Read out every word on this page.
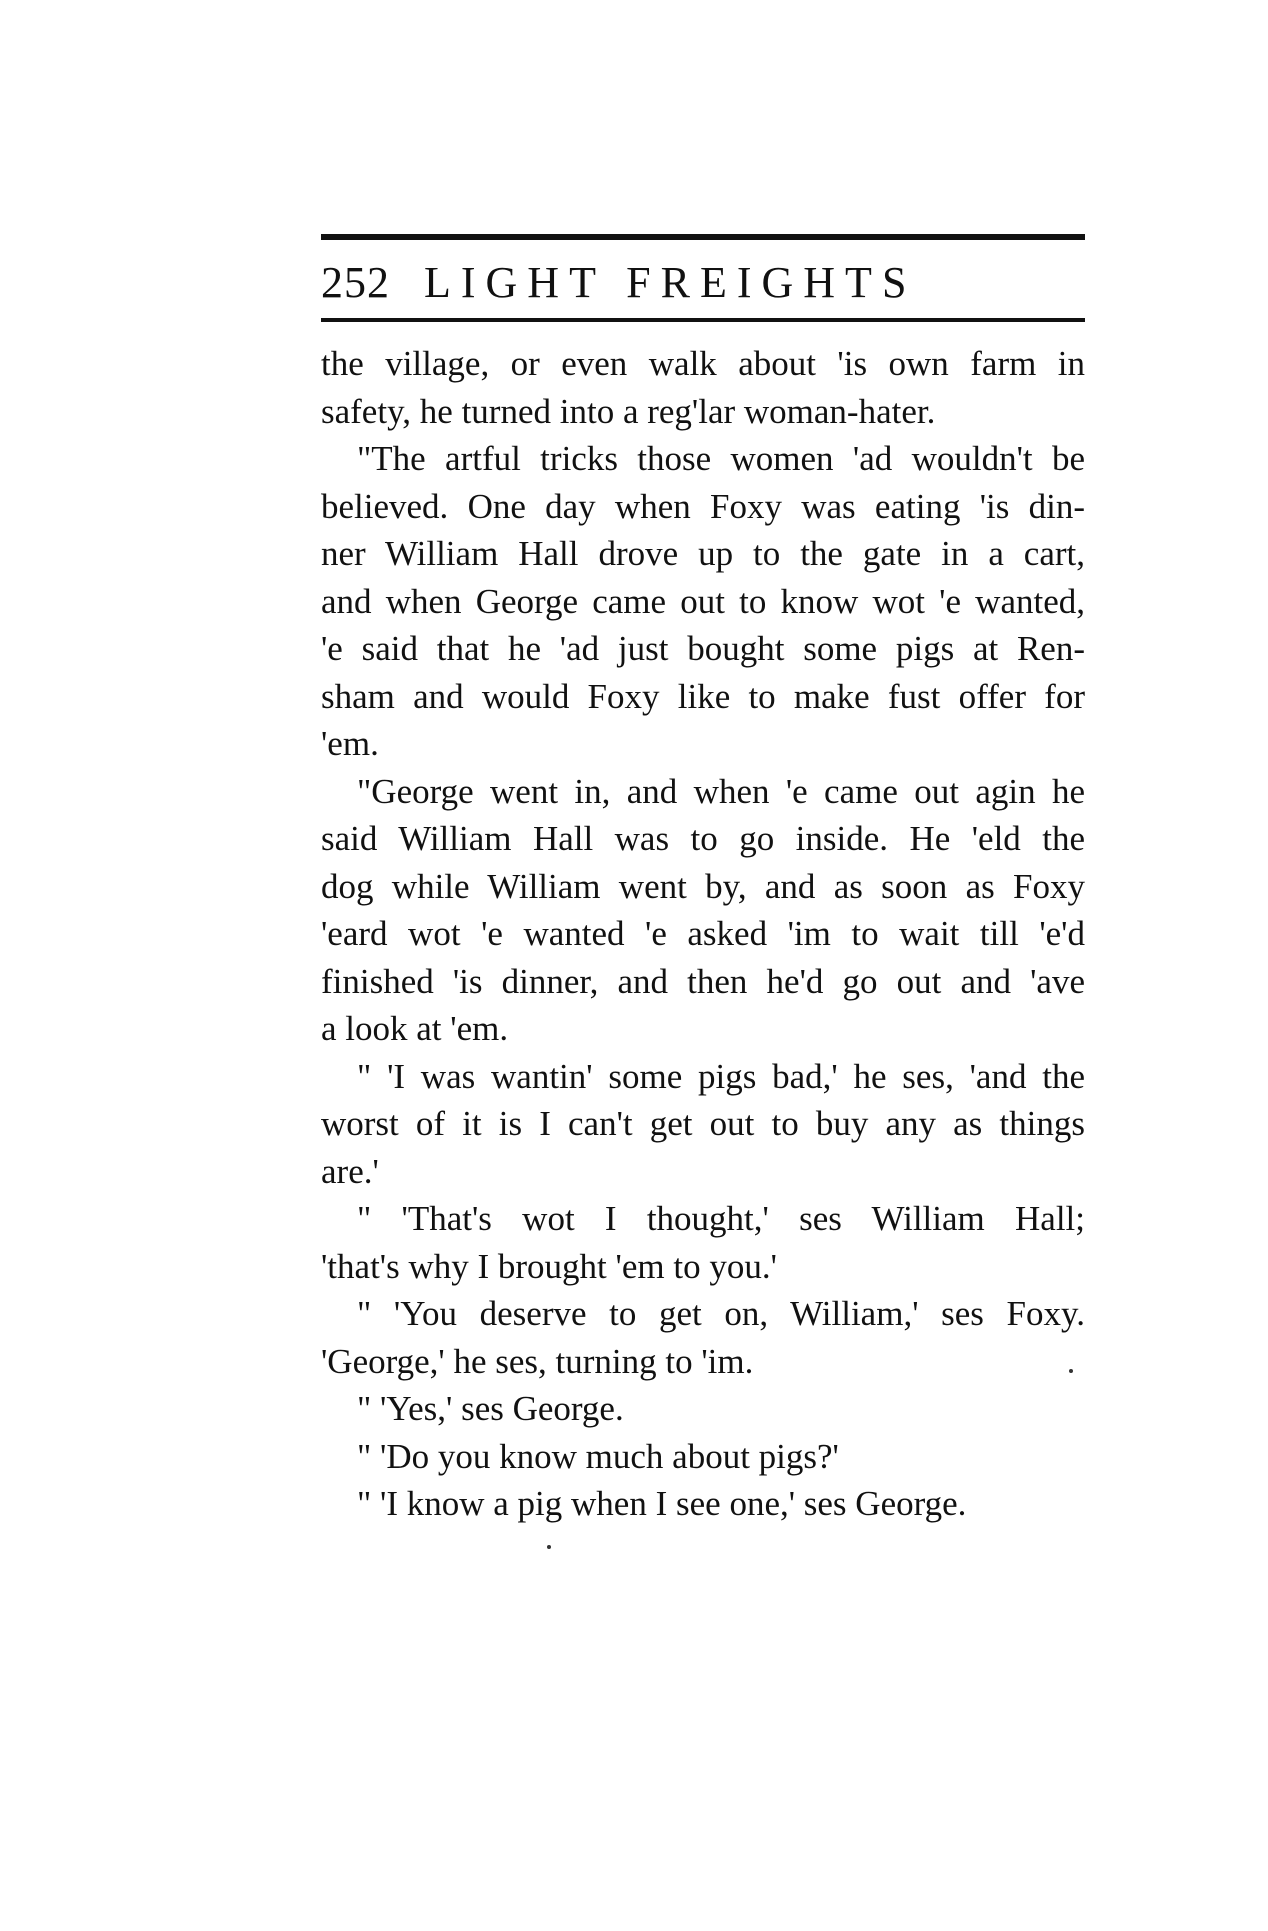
252 LIGHT FREIGHTS
the village, or even walk about 'is own farm in
safety, he turned into a reg'lar woman-hater.
"The artful tricks those women 'ad wouldn't be
believed. One day when Foxy was eating 'is din-
ner William Hall drove up to the gate in a cart,
and when George came out to know wot 'e wanted,
'e said that he 'ad just bought some pigs at Ren-
sham and would Foxy like to make fust offer for
'em.
"George went in, and when 'e came out agin he
said William Hall was to go inside. He 'eld the
dog while William went by, and as soon as Foxy
'eard wot 'e wanted 'e asked 'im to wait till 'e'd
finished 'is dinner, and then he'd go out and 'ave
a look at 'em.
" 'I was wantin' some pigs bad,' he ses, 'and the
worst of it is I can't get out to buy any as things
are.'
" 'That's wot I thought,' ses William Hall;
'that's why I brought 'em to you.'
" 'You deserve to get on, William,' ses Foxy.
'George,' he ses, turning to 'im.
" 'Yes,' ses George.
" 'Do you know much about pigs?'
" 'I know a pig when I see one,' ses George.
